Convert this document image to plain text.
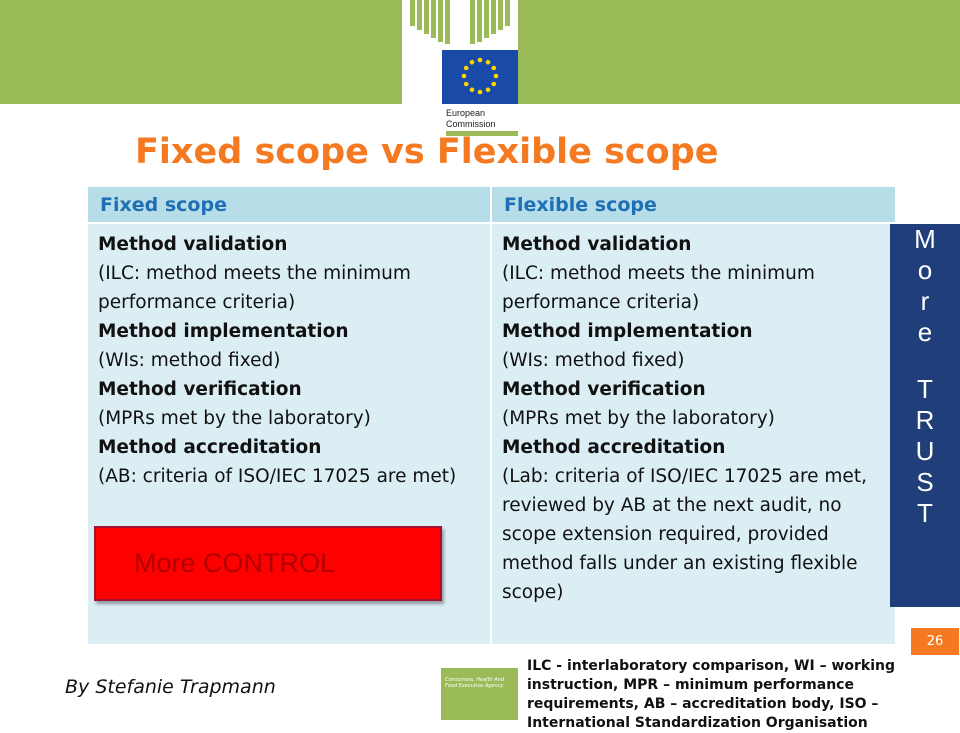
European
Commission
Fixed scope vs Flexible scope
Fixed scope	Flexible scope
Method validation
(ILC: method meets the minimum performance criteria)
Method implementation
(WIs: method fixed)
Method verification
(MPRs met by the laboratory)
Method accreditation
(AB: criteria of ISO/IEC 17025 are met)
Method validation
(ILC: method meets the minimum performance criteria)
Method implementation
(WIs: method fixed)
Method verification
(MPRs met by the laboratory)
Method accreditation
(Lab: criteria of ISO/IEC 17025 are met, reviewed by AB at the next audit, no scope extension required, provided method falls under an existing flexible scope)
More CONTROL
M
o
r
e
T
R
U
S
T
26
By Stefanie Trapmann	Consumers, Health And Food Executive Agency
ILC - interlaboratory comparison, WI – working instruction, MPR – minimum performance requirements, AB – accreditation body, ISO – International Standardization Organisation
